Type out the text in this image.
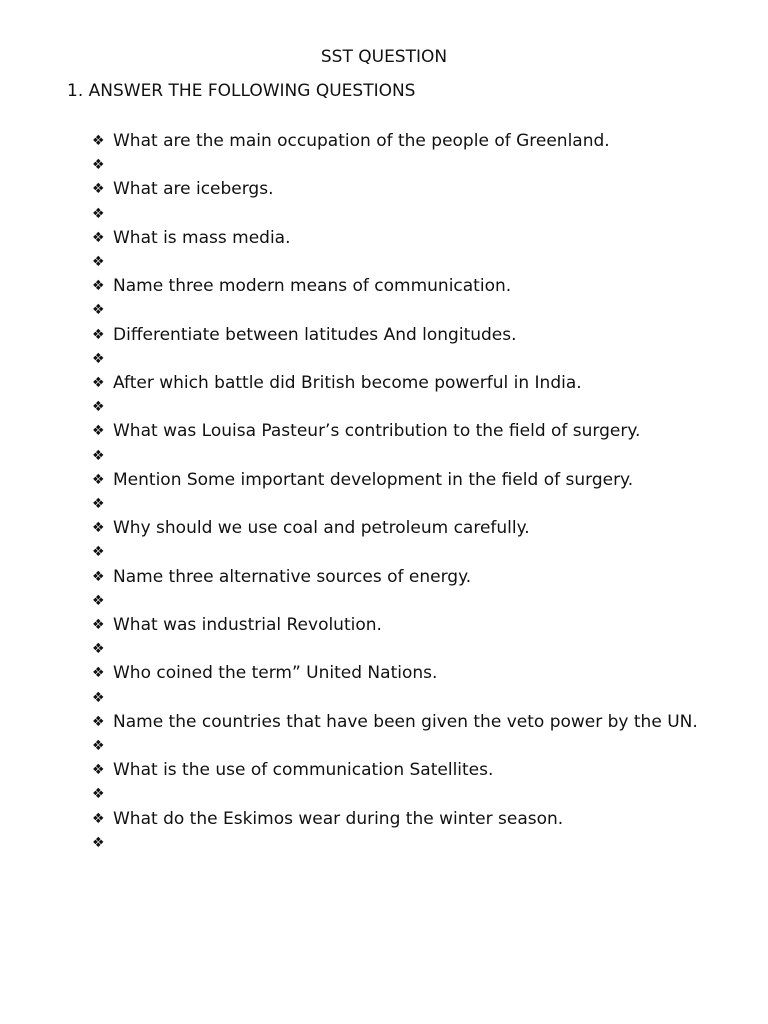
SST QUESTION
1. ANSWER THE FOLLOWING QUESTIONS
❖ What are the main occupation of the people of Greenland.
❖
❖ What are icebergs.
❖
❖ What is mass media.
❖
❖ Name three modern means of communication.
❖
❖ Differentiate between latitudes And longitudes.
❖
❖ After which battle did British become powerful in India.
❖
❖ What was Louisa Pasteur’s contribution to the field of surgery.
❖
❖ Mention Some important development in the field of surgery.
❖
❖ Why should we use coal and petroleum carefully.
❖
❖ Name three alternative sources of energy.
❖
❖ What was industrial Revolution.
❖
❖ Who coined the term” United Nations.
❖
❖ Name the countries that have been given the veto power by the UN.
❖
❖ What is the use of communication Satellites.
❖
❖ What do the Eskimos wear during the winter season.
❖
